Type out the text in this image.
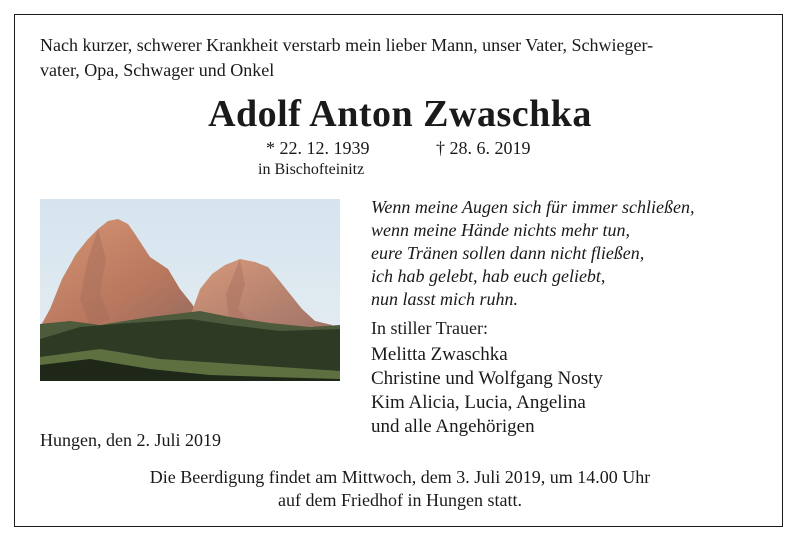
Nach kurzer, schwerer Krankheit verstarb mein lieber Mann, unser Vater, Schwieger-
vater, Opa, Schwager und Onkel
Adolf Anton Zwaschka
* 22. 12. 1939	† 28. 6. 2019
in Bischofteinitz
Wenn meine Augen sich für immer schließen,
wenn meine Hände nichts mehr tun,
eure Tränen sollen dann nicht fließen,
ich hab gelebt, hab euch geliebt,
nun lasst mich ruhn.
In stiller Trauer:
Melitta Zwaschka
Christine und Wolfgang Nosty
Kim Alicia, Lucia, Angelina
und alle Angehörigen
Hungen, den 2. Juli 2019
Die Beerdigung findet am Mittwoch, dem 3. Juli 2019, um 14.00 Uhr
auf dem Friedhof in Hungen statt.
